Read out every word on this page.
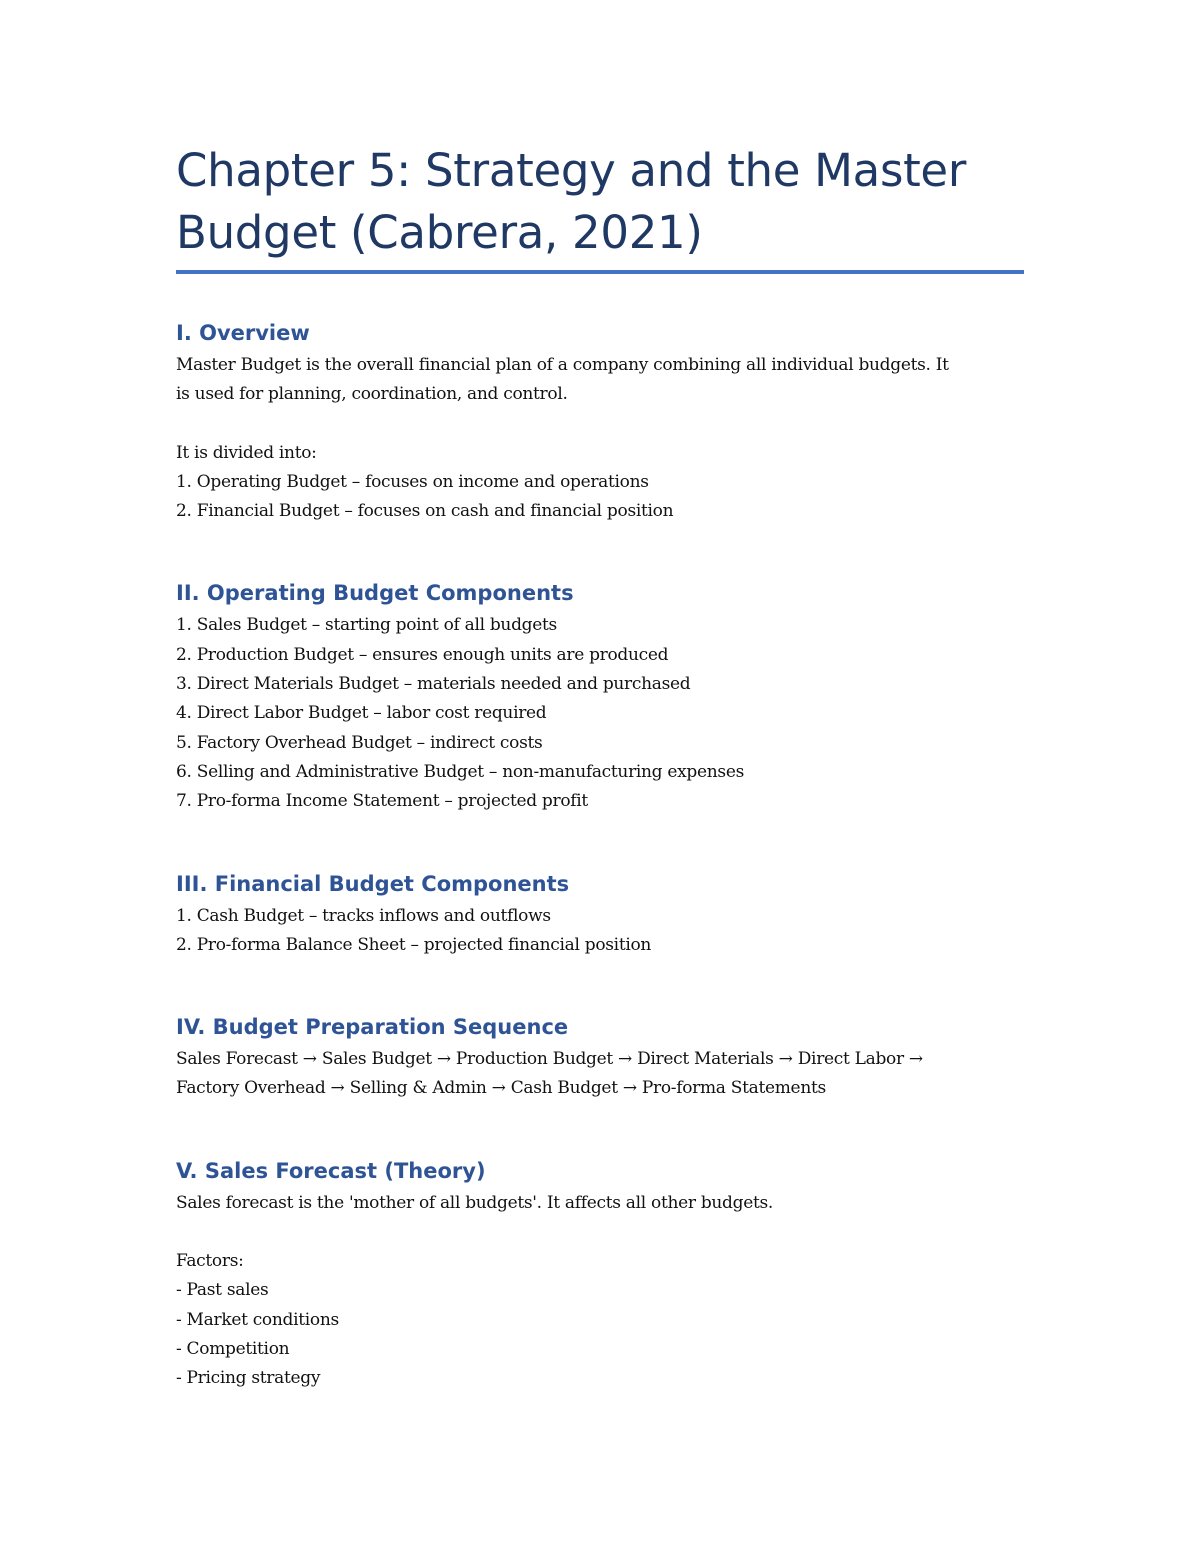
Chapter 5: Strategy and the Master
Budget (Cabrera, 2021)
I. Overview
Master Budget is the overall financial plan of a company combining all individual budgets. It
is used for planning, coordination, and control.
It is divided into:
1. Operating Budget – focuses on income and operations
2. Financial Budget – focuses on cash and financial position
II. Operating Budget Components
1. Sales Budget – starting point of all budgets
2. Production Budget – ensures enough units are produced
3. Direct Materials Budget – materials needed and purchased
4. Direct Labor Budget – labor cost required
5. Factory Overhead Budget – indirect costs
6. Selling and Administrative Budget – non-manufacturing expenses
7. Pro-forma Income Statement – projected profit
III. Financial Budget Components
1. Cash Budget – tracks inflows and outflows
2. Pro-forma Balance Sheet – projected financial position
IV. Budget Preparation Sequence
Sales Forecast → Sales Budget → Production Budget → Direct Materials → Direct Labor →
Factory Overhead → Selling & Admin → Cash Budget → Pro-forma Statements
V. Sales Forecast (Theory)
Sales forecast is the 'mother of all budgets'. It affects all other budgets.
Factors:
- Past sales
- Market conditions
- Competition
- Pricing strategy
